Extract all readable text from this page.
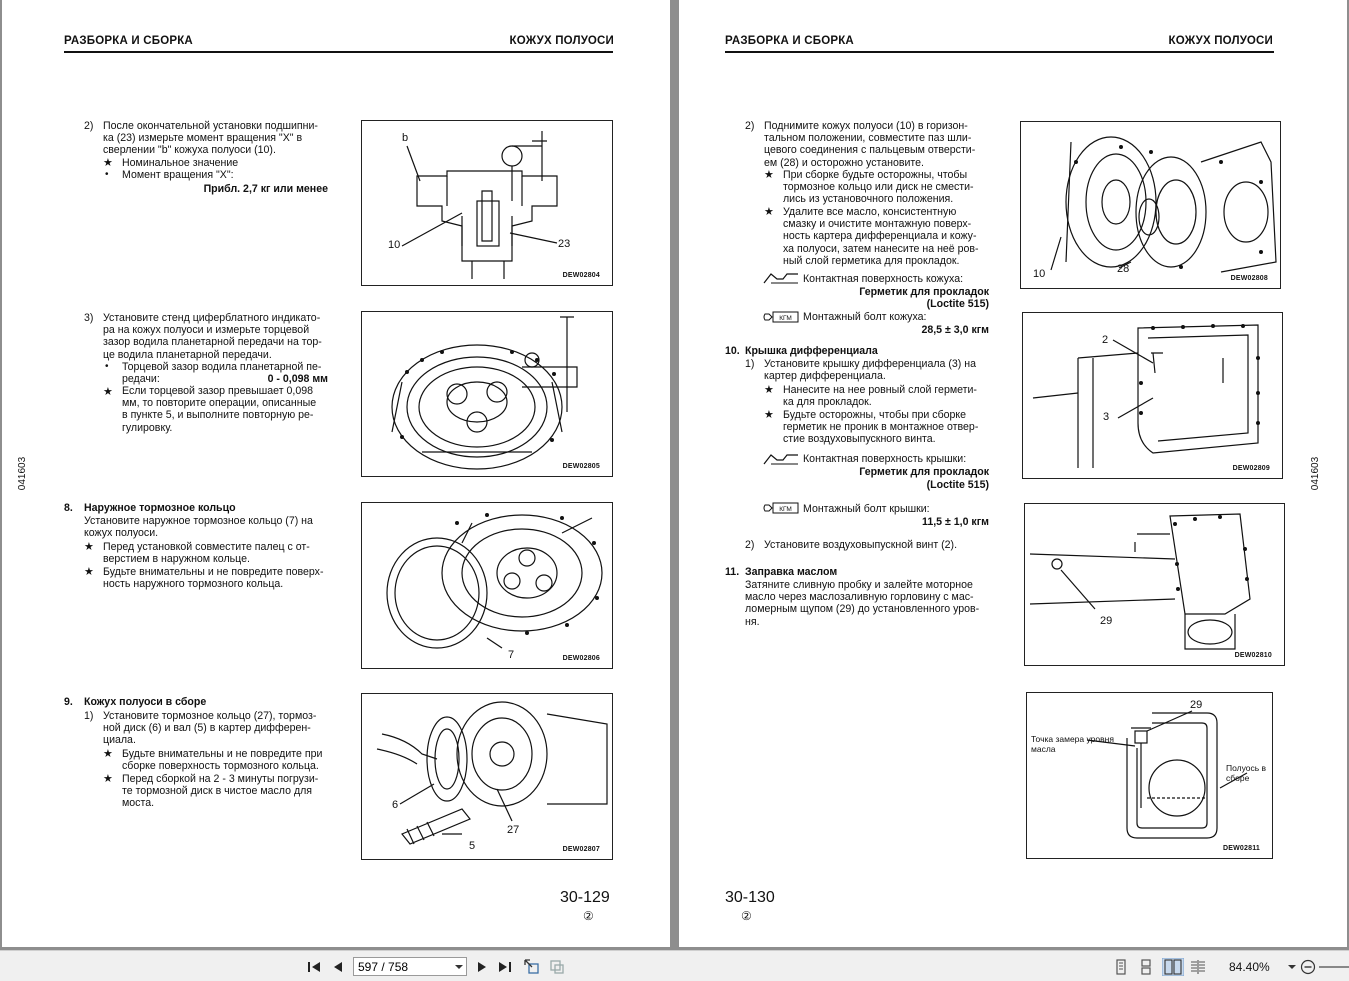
РАЗБОРКА И СБОРКА	КОЖУХ ПОЛУОСИ
2) После окончательной установки подшипни-
ка (23) измерьте момент вращения "X" в
сверлении "b" кожуха полуоси (10).
★ Номинальное значение
• Момент вращения "X":
Прибл. 2,7 кг или менее
b
10	23
DEW02804
3) Установите стенд циферблатного индикато-
ра на кожух полуоси и измерьте торцевой
зазор водила планетарной передачи на тор-
це водила планетарной передачи.
• Торцевой зазор водила планетарной пе-
редачи:	0 - 0,098 мм
★ Если торцевой зазор превышает 0,098
мм, то повторите операции, описанные
в пункте 5, и выполните повторную ре-
гулировку.
DEW02805
8. Наружное тормозное кольцо
Установите наружное тормозное кольцо (7) на
кожух полуоси.
★ Перед установкой совместите палец с от-
верстием в наружном кольце.
★ Будьте внимательны и не повредите поверх-
ность наружного тормозного кольца.
7	DEW02806
9. Кожух полуоси в сборе
1) Установите тормозное кольцо (27), тормоз-
ной диск (6) и вал (5) в картер дифферен-
циала.
★ Будьте внимательны и не повредите при
сборке поверхность тормозного кольца.
★ Перед сборкой на 2 - 3 минуты погрузи-
те тормозной диск в чистое масло для
моста.	6
5
27
DEW02807
041603
30-129
②
РАЗБОРКА И СБОРКА	КОЖУХ ПОЛУОСИ
2) Поднимите кожух полуоси (10) в горизон-
тальном положении, совместите паз шли-
цевого соединения с пальцевым отверсти-
ем (28) и осторожно установите.
★ При сборке будьте осторожны, чтобы
тормозное кольцо или диск не смести-
лись из установочного положения.
★ Удалите все масло, консистентную
смазку и очистите монтажную поверх-
ность картера дифференциала и кожу-
ха полуоси, затем нанесите на неё ров-
ный слой герметика для прокладок.
Контактная поверхность кожуха:
Герметик для прокладок
(Loctite 515)
КГМ Монтажный болт кожуха:
28,5 ± 3,0 кгм
10	28
DEW02808
10. Крышка дифференциала
1) Установите крышку дифференциала (3) на
картер дифференциала.
★ Нанесите на нее ровный слой гермети-
ка для прокладок.
★ Будьте осторожны, чтобы при сборке
герметик не проник в монтажное отвер-
стие воздуховыпускного винта.
Контактная поверхность крышки:
Герметик для прокладок
(Loctite 515)
КГМ Монтажный болт крышки:
11,5 ± 1,0 кгм
2) Установите воздуховыпускной винт (2).
2
3
DEW02809
11. Заправка маслом
Затяните сливную пробку и залейте моторное
масло через маслозаливную горловину с мас-
ломерным щупом (29) до установленного уров-
ня.	29
DEW02810
29
Точка замера уровня
масла
Полуось в
сборе
DEW02811
041603
30-130
②
597 / 758
84.40%
